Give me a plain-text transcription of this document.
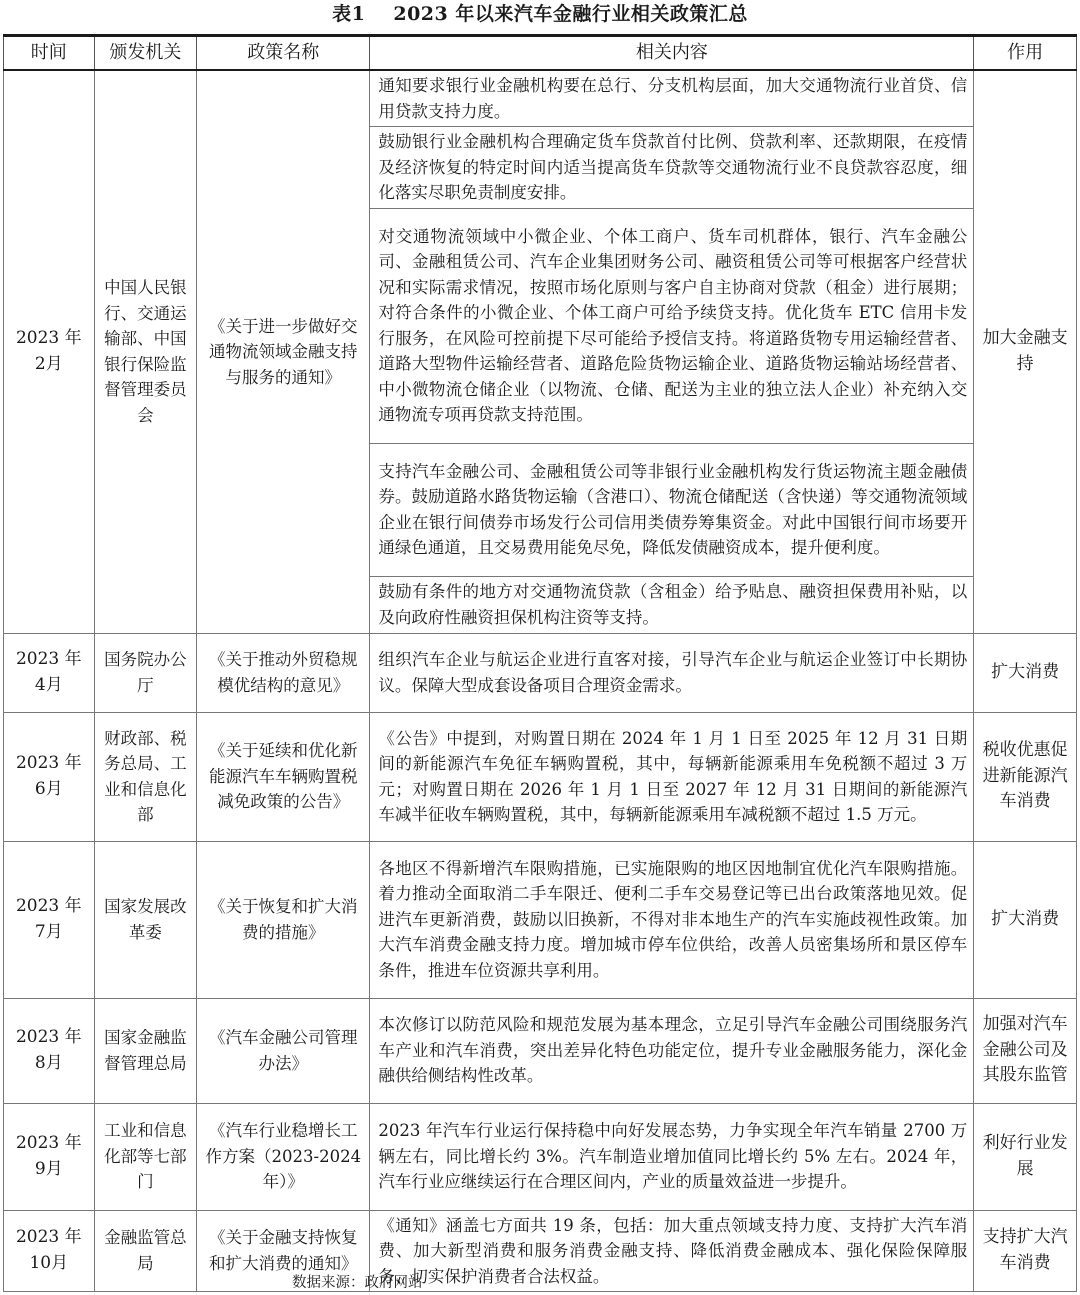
表1 2023 年以来汽车金融行业相关政策汇总
时间	颁发机关	政策名称	相关内容	作用
2023 年 2月	中国人民银行、交通运输部、中国银行保险监督管理委员会	《关于进一步做好交通物流领域金融支持与服务的通知》	通知要求银行业金融机构要在总行、分支机构层面，加大交通物流行业首贷、信用贷款支持力度。	加大金融支持
			鼓励银行业金融机构合理确定货车贷款首付比例、贷款利率、还款期限，在疫情及经济恢复的特定时间内适当提高货车贷款等交通物流行业不良贷款容忍度，细化落实尽职免责制度安排。	
			对交通物流领域中小微企业、个体工商户、货车司机群体，银行、汽车金融公司、金融租赁公司、汽车企业集团财务公司、融资租赁公司等可根据客户经营状况和实际需求情况，按照市场化原则与客户自主协商对贷款（租金）进行展期；对符合条件的小微企业、个体工商户可给予续贷支持。优化货车 ETC 信用卡发行服务，在风险可控前提下尽可能给予授信支持。将道路货物专用运输经营者、道路大型物件运输经营者、道路危险货物运输企业、道路货物运输站场经营者、中小微物流仓储企业（以物流、仓储、配送为主业的独立法人企业）补充纳入交通物流专项再贷款支持范围。	
			支持汽车金融公司、金融租赁公司等非银行业金融机构发行货运物流主题金融债券。鼓励道路水路货物运输（含港口）、物流仓储配送（含快递）等交通物流领域企业在银行间债券市场发行公司信用类债券筹集资金。对此中国银行间市场要开通绿色通道，且交易费用能免尽免，降低发债融资成本，提升便利度。	
			鼓励有条件的地方对交通物流贷款（含租金）给予贴息、融资担保费用补贴，以及向政府性融资担保机构注资等支持。	
2023 年 4月	国务院办公厅	《关于推动外贸稳规模优结构的意见》	组织汽车企业与航运企业进行直客对接，引导汽车企业与航运企业签订中长期协议。保障大型成套设备项目合理资金需求。	扩大消费
2023 年 6月	财政部、税务总局、工业和信息化部	《关于延续和优化新能源汽车车辆购置税减免政策的公告》	《公告》中提到，对购置日期在 2024 年 1 月 1 日至 2025 年 12 月 31 日期间的新能源汽车免征车辆购置税，其中，每辆新能源乘用车免税额不超过 3 万元；对购置日期在 2026 年 1 月 1 日至 2027 年 12 月 31 日期间的新能源汽车减半征收车辆购置税，其中，每辆新能源乘用车减税额不超过 1.5 万元。	税收优惠促进新能源汽车消费
2023 年 7月	国家发展改革委	《关于恢复和扩大消费的措施》	各地区不得新增汽车限购措施，已实施限购的地区因地制宜优化汽车限购措施。着力推动全面取消二手车限迁、便利二手车交易登记等已出台政策落地见效。促进汽车更新消费，鼓励以旧换新，不得对非本地生产的汽车实施歧视性政策。加大汽车消费金融支持力度。增加城市停车位供给，改善人员密集场所和景区停车条件，推进车位资源共享利用。	扩大消费
2023 年 8月	国家金融监督管理总局	《汽车金融公司管理办法》	本次修订以防范风险和规范发展为基本理念，立足引导汽车金融公司围绕服务汽车产业和汽车消费，突出差异化特色功能定位，提升专业金融服务能力，深化金融供给侧结构性改革。	加强对汽车金融公司及其股东监管
2023 年 9月	工业和信息化部等七部门	《汽车行业稳增长工作方案（2023-2024 年）》	2023 年汽车行业运行保持稳中向好发展态势，力争实现全年汽车销量 2700 万辆左右，同比增长约 3%。汽车制造业增加值同比增长约 5% 左右。2024 年，汽车行业应继续运行在合理区间内，产业的质量效益进一步提升。	利好行业发展
2023 年 10月	金融监管总局	《关于金融支持恢复和扩大消费的通知》	《通知》涵盖七方面共 19 条，包括：加大重点领域支持力度、支持扩大汽车消费、加大新型消费和服务消费金融支持、降低消费金融成本、强化保险保障服务、切实保护消费者合法权益。	支持扩大汽车消费
数据来源：政府网站
